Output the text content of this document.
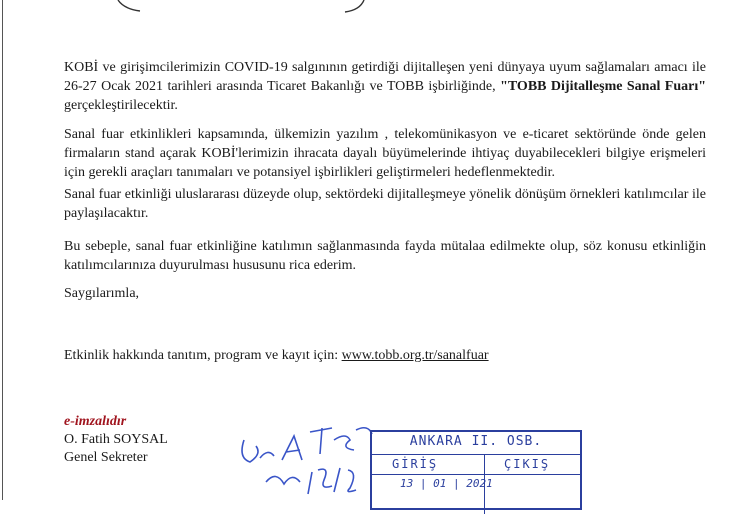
KOBİ ve girişimcilerimizin COVID-19 salgınının getirdiği dijitalleşen yeni dünyaya uyum sağlamaları amacı ile 26-27 Ocak 2021 tarihleri arasında Ticaret Bakanlığı ve TOBB işbirliğinde, "TOBB Dijitalleşme Sanal Fuarı" gerçekleştirilecektir.

Sanal fuar etkinlikleri kapsamında, ülkemizin yazılım , telekomünikasyon ve e-ticaret sektöründe önde gelen firmaların stand açarak KOBİ'lerimizin ihracata dayalı büyümelerinde ihtiyaç duyabilecekleri bilgiye erişmeleri için gerekli araçları tanımaları ve potansiyel işbirlikleri geliştirmeleri hedeflenmektedir.

Sanal fuar etkinliği uluslararası düzeyde olup, sektördeki dijitalleşmeye yönelik dönüşüm örnekleri katılımcılar ile paylaşılacaktır.

Bu sebeple, sanal fuar etkinliğine katılımın sağlanmasında fayda mütalaa edilmekte olup, söz konusu etkinliğin katılımcılarınıza duyurulması hususunu rica ederim.

Saygılarımla,

Etkinlik hakkında tanıtım, program ve kayıt için: www.tobb.org.tr/sanalfuar

e-imzalıdır

O. Fatih SOYSAL

Genel Sekreter

ANKARA II. OSB.
GİRİŞ	ÇIKIŞ
13 | 01 | 2021
